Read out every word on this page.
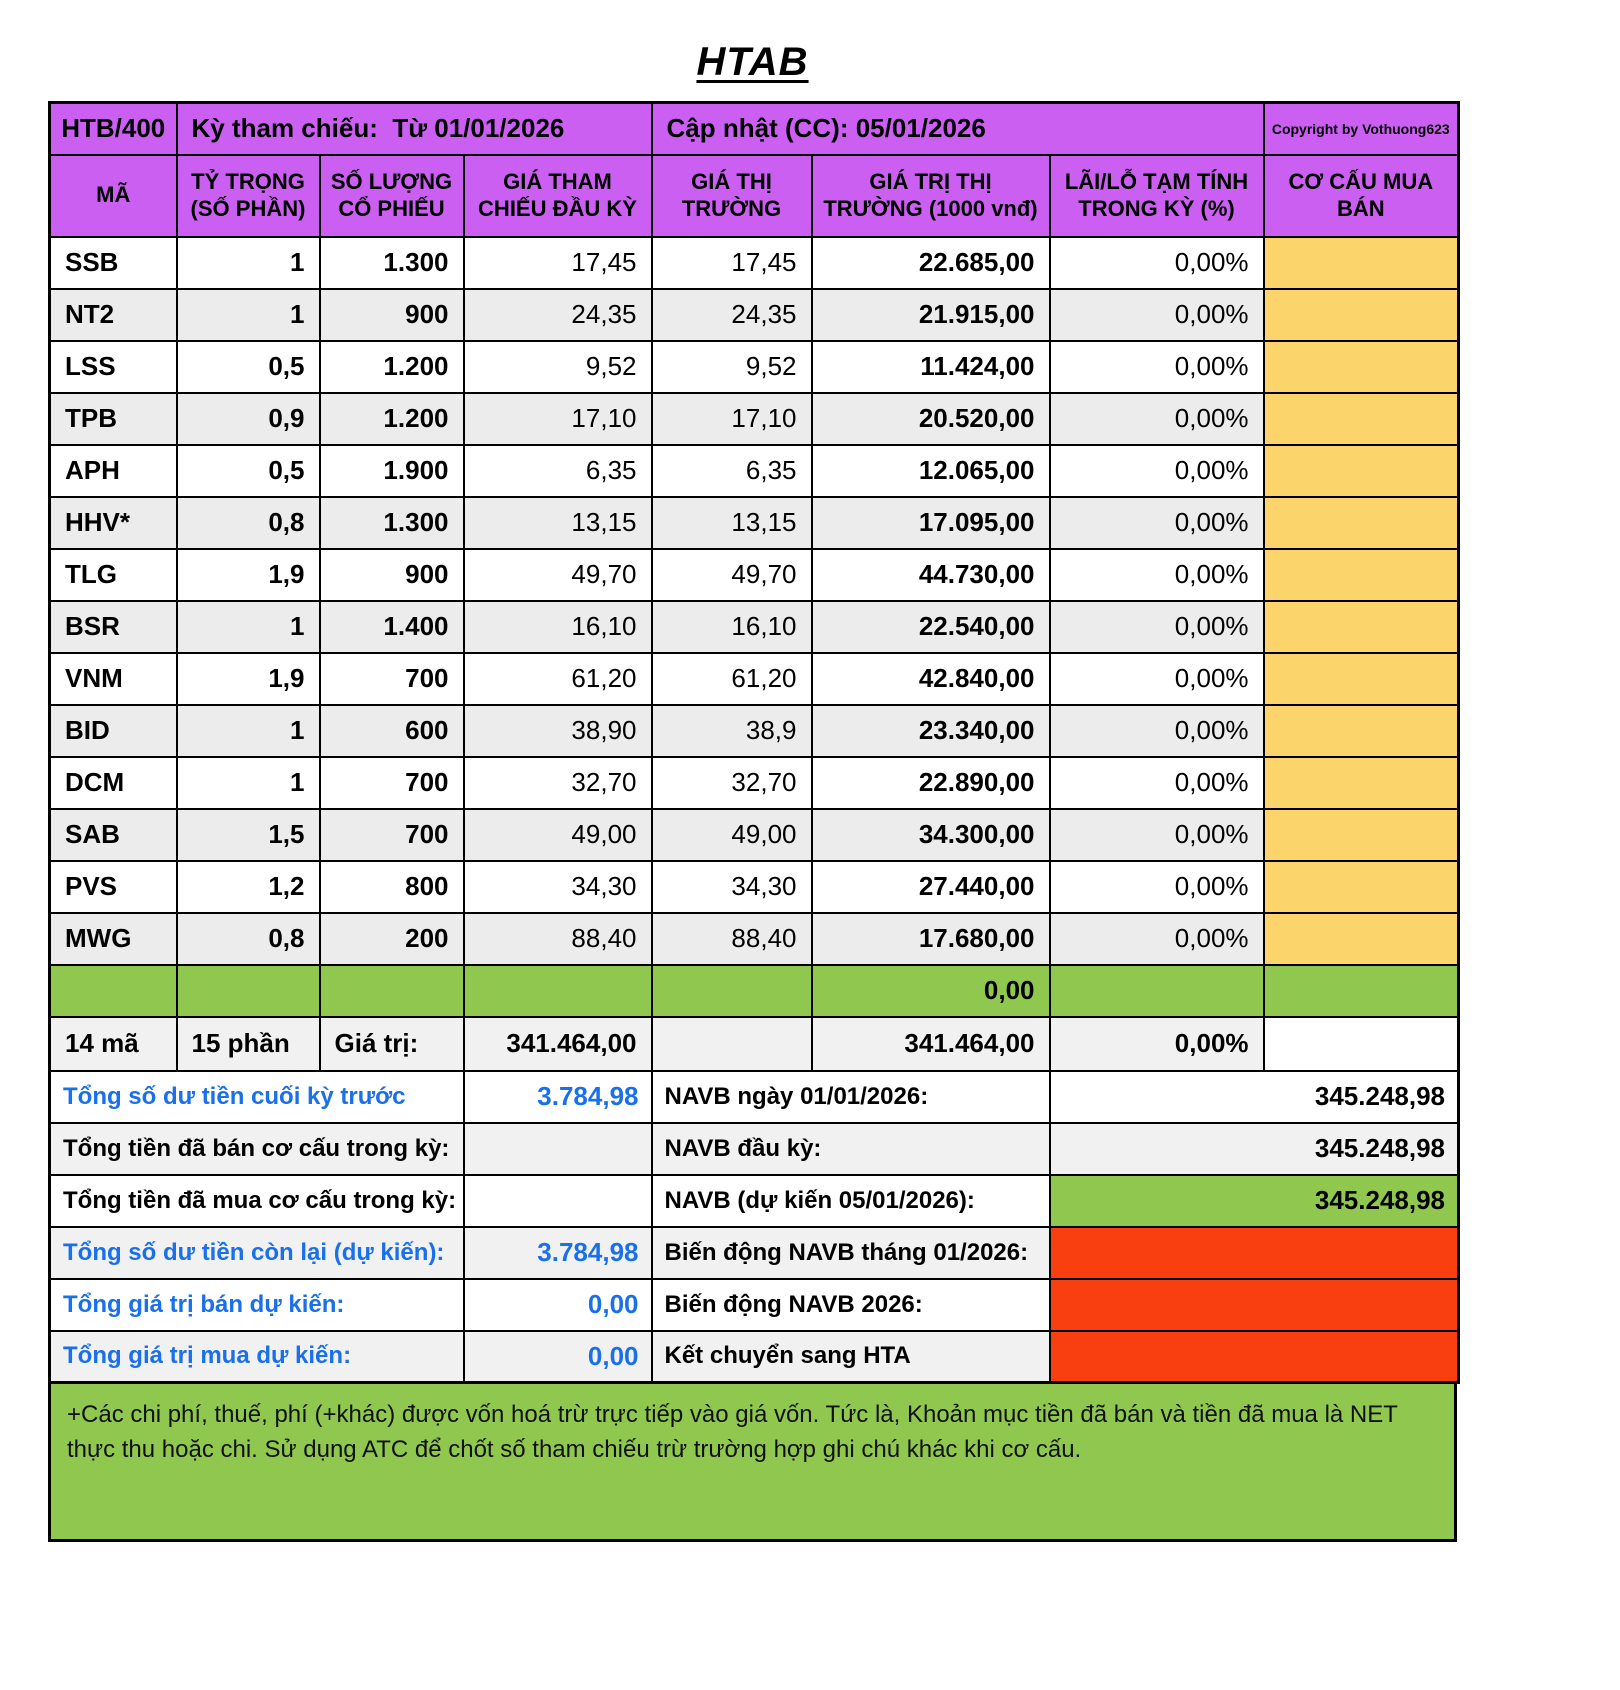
HTAB
HTB/400	Kỳ tham chiếu:  Từ 01/01/2026			Cập nhật (CC): 05/01/2026			Copyright by Vothuong623
MÃ	TỶ TRỌNG (SỐ PHẦN)	SỐ LƯỢNG CỔ PHIẾU	GIÁ THAM CHIẾU ĐẦU KỲ	GIÁ THỊ TRƯỜNG	GIÁ TRỊ THỊ TRƯỜNG (1000 vnđ)	LÃI/LỖ TẠM TÍNH TRONG KỲ (%)	CƠ CẤU MUA BÁN
SSB	1	1.300	17,45	17,45	22.685,00	0,00%	
NT2	1	900	24,35	24,35	21.915,00	0,00%	
LSS	0,5	1.200	9,52	9,52	11.424,00	0,00%	
TPB	0,9	1.200	17,10	17,10	20.520,00	0,00%	
APH	0,5	1.900	6,35	6,35	12.065,00	0,00%	
HHV*	0,8	1.300	13,15	13,15	17.095,00	0,00%	
TLG	1,9	900	49,70	49,70	44.730,00	0,00%	
BSR	1	1.400	16,10	16,10	22.540,00	0,00%	
VNM	1,9	700	61,20	61,20	42.840,00	0,00%	
BID	1	600	38,90	38,9	23.340,00	0,00%	
DCM	1	700	32,70	32,70	22.890,00	0,00%	
SAB	1,5	700	49,00	49,00	34.300,00	0,00%	
PVS	1,2	800	34,30	34,30	27.440,00	0,00%	
MWG	0,8	200	88,40	88,40	17.680,00	0,00%	
					0,00		
14 mã	15 phần	Giá trị:	341.464,00		341.464,00	0,00%	
Tổng số dư tiền cuối kỳ trước			3.784,98	NAVB ngày 01/01/2026:		345.248,98	
Tổng tiền đã bán cơ cấu trong kỳ:				NAVB đầu kỳ:		345.248,98	
Tổng tiền đã mua cơ cấu trong kỳ:				NAVB (dự kiến 05/01/2026):		345.248,98	
Tổng số dư tiền còn lại (dự kiến):			3.784,98	Biến động NAVB tháng 01/2026:			
Tổng giá trị bán dự kiến:			0,00	Biến động NAVB 2026:			
Tổng giá trị mua dự kiến:			0,00	Kết chuyển sang HTA			
+Các chi phí, thuế, phí (+khác) được vốn hoá trừ trực tiếp vào giá vốn. Tức là, Khoản mục tiền đã bán và tiền đã mua là NET thực thu hoặc chi. Sử dụng ATC để chốt số tham chiếu trừ trường hợp ghi chú khác khi cơ cấu.
